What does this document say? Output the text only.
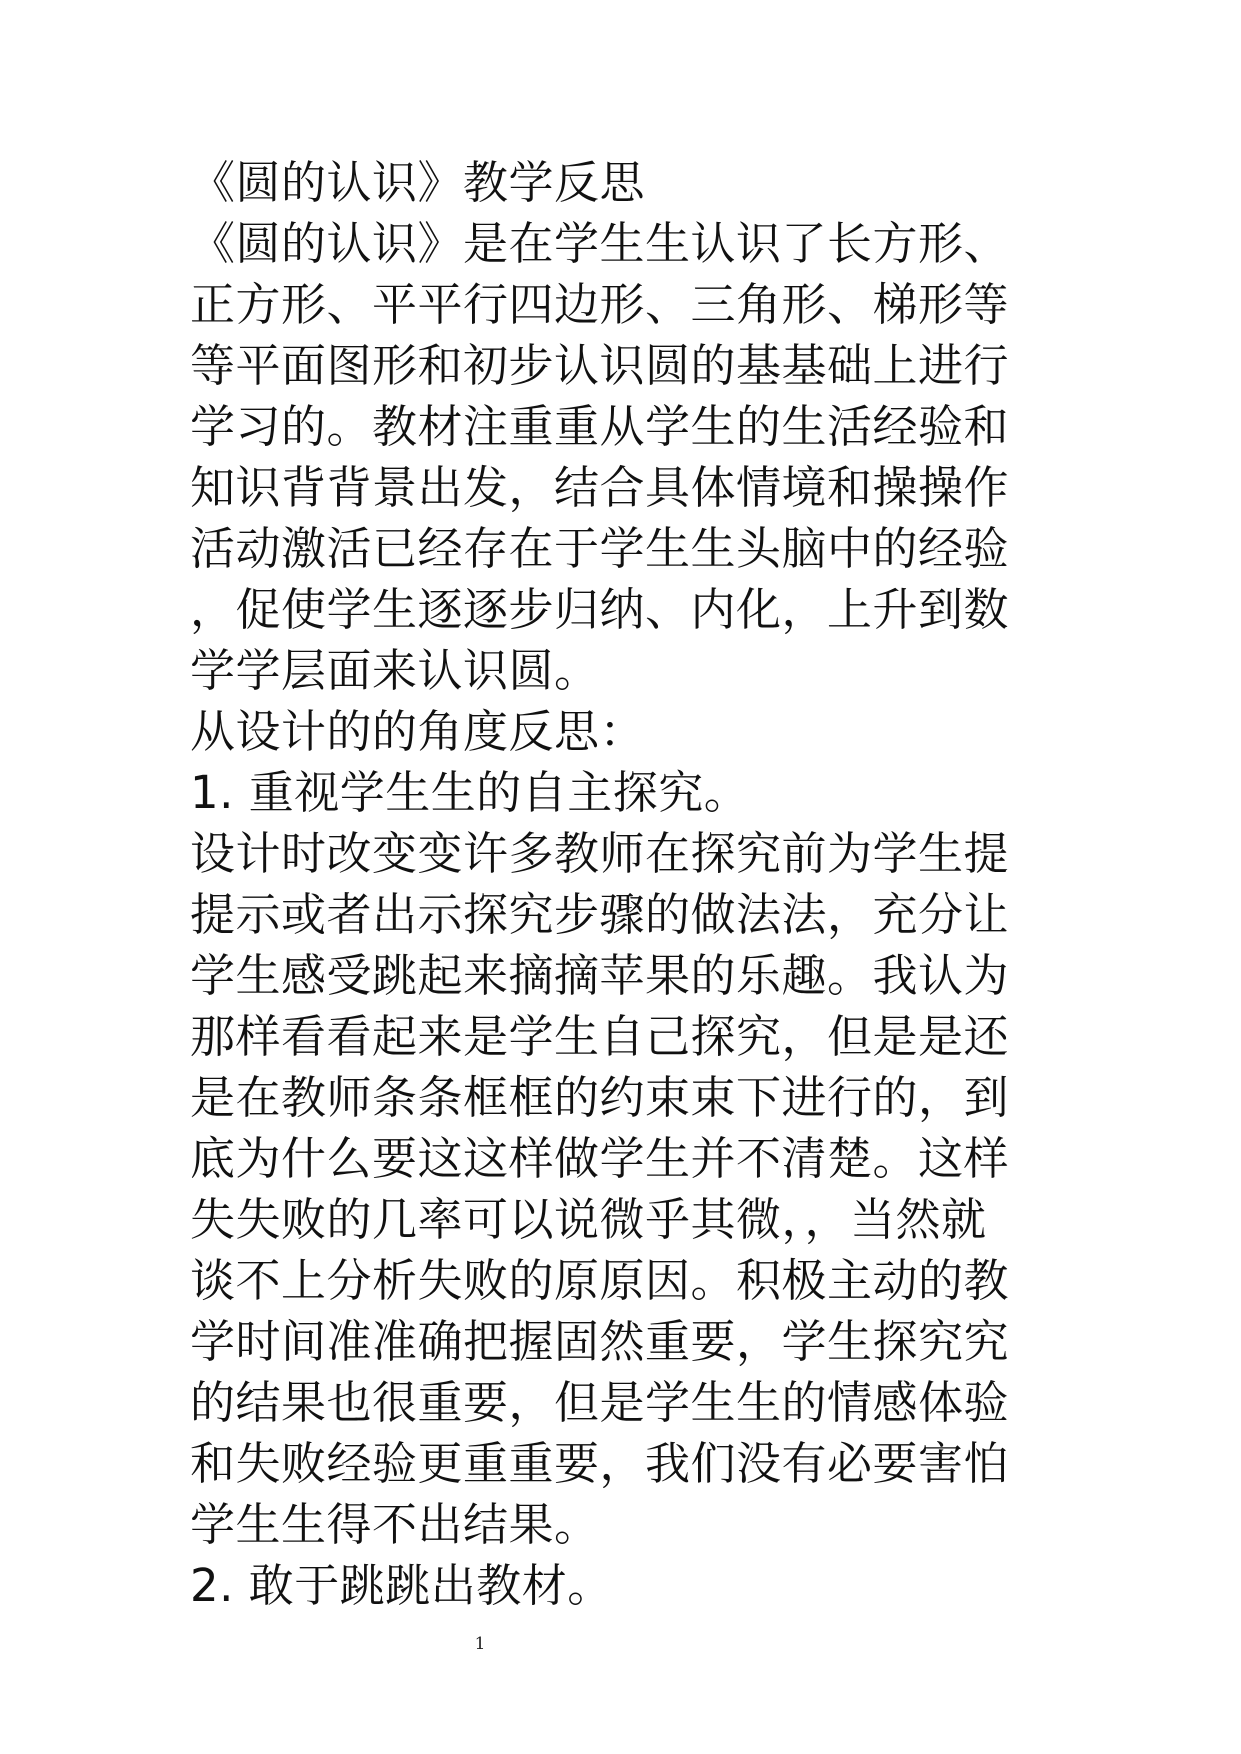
《圆的认识》教学反思
《圆的认识》是在学生生认识了长方形、
正方形、平平行四边形、三角形、梯形等
等平面图形和初步认识圆的基基础上进行
学习的。教材注重重从学生的生活经验和
知识背背景出发，结合具体情境和操操作
活动激活已经存在于学生生头脑中的经验
，促使学生逐逐步归纳、内化，上升到数
学学层面来认识圆。
从设计的的角度反思：
1. 重视学生生的自主探究。
设计时改变变许多教师在探究前为学生提
提示或者出示探究步骤的做法法，充分让
学生感受跳起来摘摘苹果的乐趣。我认为
那样看看起来是学生自己探究，但是是还
是在教师条条框框的约束束下进行的，到
底为什么要这这样做学生并不清楚。这样
失失败的几率可以说微乎其微，，当然就
谈不上分析失败的原原因。积极主动的教
学时间准准确把握固然重要，学生探究究
的结果也很重要，但是学生生的情感体验
和失败经验更重重要，我们没有必要害怕
学生生得不出结果。
2. 敢于跳跳出教材。
1
